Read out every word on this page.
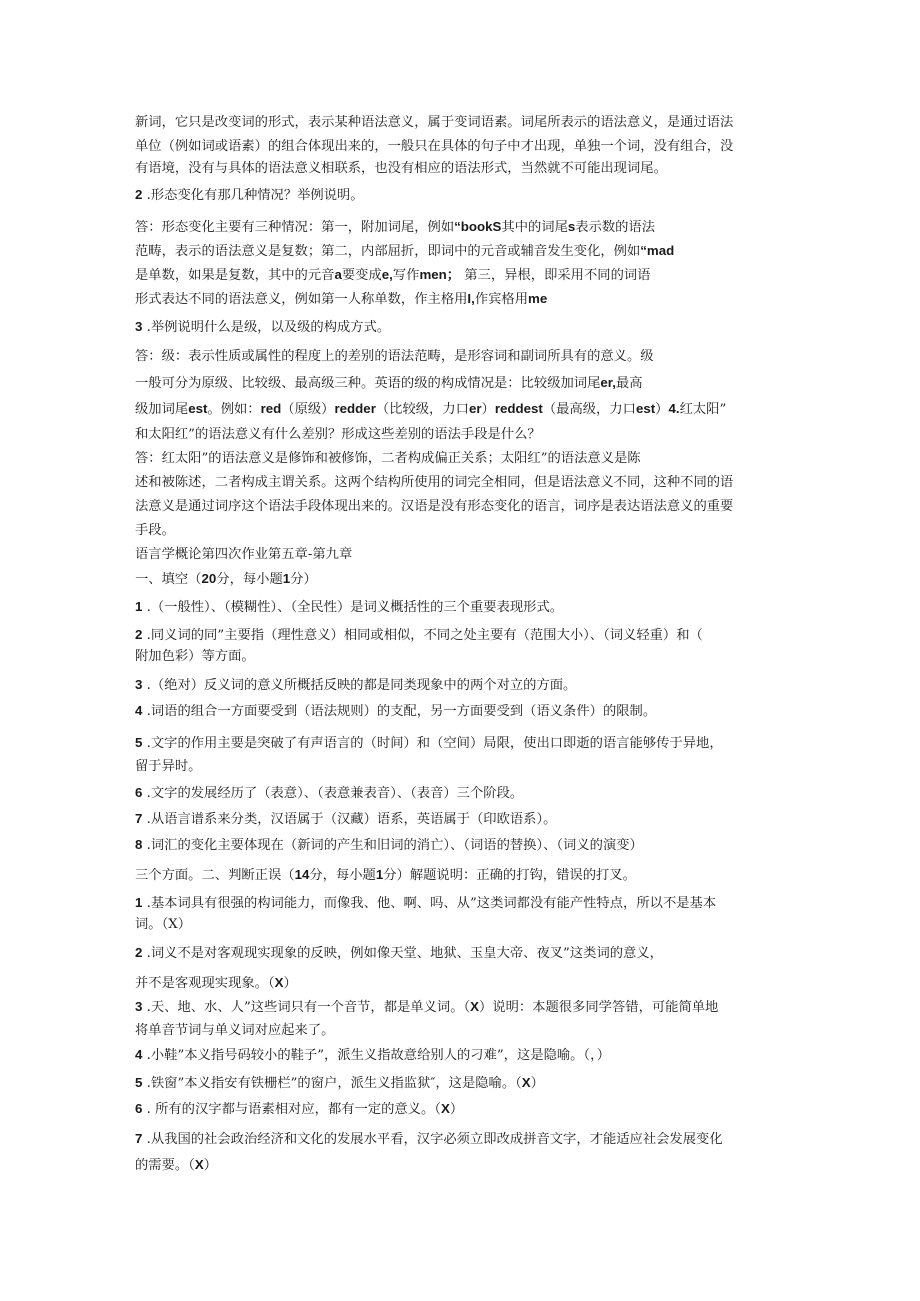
新词，它只是改变词的形式，表示某种语法意义，属于变词语素。词尾所表示的语法意义，是通过语法
单位（例如词或语素）的组合体现出来的，一般只在具体的句子中才出现，单独一个词，没有组合，没
有语境，没有与具体的语法意义相联系，也没有相应的语法形式，当然就不可能出现词尾。
2 .形态变化有那几种情况？举例说明。
答：形态变化主要有三种情况：第一，附加词尾，例如“bookS其中的词尾s表示数的语法
范畴，表示的语法意义是复数；第二，内部屈折，即词中的元音或辅音发生变化，例如“mad
是单数，如果是复数，其中的元音a要变成e,写作men； 第三，异根，即采用不同的词语
形式表达不同的语法意义，例如第一人称单数，作主格用I,作宾格用me
3 .举例说明什么是级，以及级的构成方式。
答：级：表示性质或属性的程度上的差别的语法范畴，是形容词和副词所具有的意义。级
一般可分为原级、比较级、最高级三种。英语的级的构成情况是：比较级加词尾er,最高
级加词尾est。例如：red（原级）redder（比较级，力口er）reddest（最高级，力口est）4.红太阳”
和太阳红”的语法意义有什么差别？形成这些差别的语法手段是什么？
答：红太阳”的语法意义是修饰和被修饰，二者构成偏正关系；太阳红”的语法意义是陈
述和被陈述，二者构成主谓关系。这两个结构所使用的词完全相同，但是语法意义不同，这种不同的语
法意义是通过词序这个语法手段体现出来的。汉语是没有形态变化的语言，词序是表达语法意义的重要
手段。
语言学概论第四次作业第五章-第九章
一、填空（20分，每小题1分）
1 .（一般性）、（模糊性）、（全民性）是词义概括性的三个重要表现形式。
2 .同义词的同”主要指（理性意义）相同或相似，不同之处主要有（范围大小）、（词义轻重）和（
附加色彩）等方面。
3 .（绝对）反义词的意义所概括反映的都是同类现象中的两个对立的方面。
4 .词语的组合一方面要受到（语法规则）的支配，另一方面要受到（语义条件）的限制。
5 .文字的作用主要是突破了有声语言的（时间）和（空间）局限，使出口即逝的语言能够传于异地，
留于异时。
6 .文字的发展经历了（表意）、（表意兼表音）、（表音）三个阶段。
7 .从语言谱系来分类，汉语属于（汉藏）语系，英语属于（印欧语系）。
8 .词汇的变化主要体现在（新词的产生和旧词的消亡）、（词语的替换）、（词义的演变）
三个方面。二、判断正误（14分，每小题1分）解题说明：正确的打钩，错误的打叉。
1 .基本词具有很强的构词能力，而像我、他、啊、吗、从”这类词都没有能产性特点，所以不是基本
词。（X）
2 .词义不是对客观现实现象的反映，例如像天堂、地狱、玉皇大帝、夜叉”这类词的意义，
并不是客观现实现象。（X）
3 .天、地、水、人”这些词只有一个音节，都是单义词。（X）说明：本题很多同学答错，可能简单地
将单音节词与单义词对应起来了。
4 .小鞋”本义指号码较小的鞋子”，派生义指故意给别人的刁难”，这是隐喻。（，）
5 .铁窗”本义指安有铁栅栏”的窗户，派生义指监狱″，这是隐喻。（X）
6 . 所有的汉字都与语素相对应，都有一定的意义。（X）
7 .从我国的社会政治经济和文化的发展水平看，汉字必须立即改成拼音文字，才能适应社会发展变化
的需要。（X）
